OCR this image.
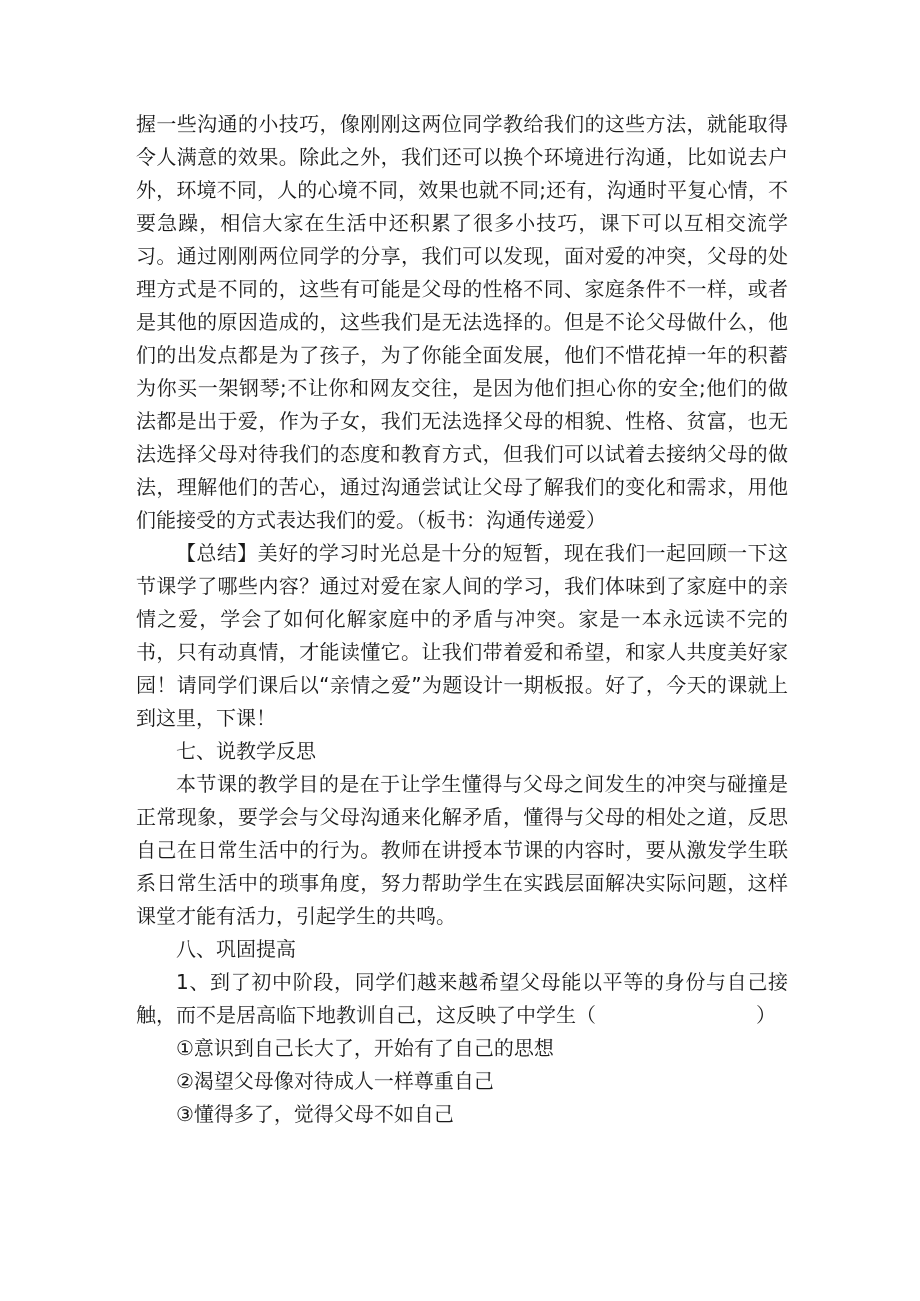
握一些沟通的小技巧，像刚刚这两位同学教给我们的这些方法，就能取得令人满意的效果。除此之外，我们还可以换个环境进行沟通，比如说去户外，环境不同，人的心境不同，效果也就不同;还有，沟通时平复心情，不要急躁，相信大家在生活中还积累了很多小技巧，课下可以互相交流学习。通过刚刚两位同学的分享，我们可以发现，面对爱的冲突，父母的处理方式是不同的，这些有可能是父母的性格不同、家庭条件不一样，或者是其他的原因造成的，这些我们是无法选择的。但是不论父母做什么，他们的出发点都是为了孩子，为了你能全面发展，他们不惜花掉一年的积蓄为你买一架钢琴;不让你和网友交往，是因为他们担心你的安全;他们的做法都是出于爱，作为子女，我们无法选择父母的相貌、性格、贫富，也无法选择父母对待我们的态度和教育方式，但我们可以试着去接纳父母的做法，理解他们的苦心，通过沟通尝试让父母了解我们的变化和需求，用他们能接受的方式表达我们的爱。（板书：沟通传递爱）

【总结】美好的学习时光总是十分的短暂，现在我们一起回顾一下这节课学了哪些内容？通过对爱在家人间的学习，我们体味到了家庭中的亲情之爱，学会了如何化解家庭中的矛盾与冲突。家是一本永远读不完的书，只有动真情，才能读懂它。让我们带着爱和希望，和家人共度美好家园！请同学们课后以“亲情之爱”为题设计一期板报。好了，今天的课就上到这里，下课！

七、说教学反思

本节课的教学目的是在于让学生懂得与父母之间发生的冲突与碰撞是正常现象，要学会与父母沟通来化解矛盾，懂得与父母的相处之道，反思自己在日常生活中的行为。教师在讲授本节课的内容时，要从激发学生联系日常生活中的琐事角度，努力帮助学生在实践层面解决实际问题，这样课堂才能有活力，引起学生的共鸣。

八、巩固提高

1、到了初中阶段，同学们越来越希望父母能以平等的身份与自己接触，而不是居高临下地教训自己，这反映了中学生（	）

①意识到自己长大了，开始有了自己的思想

②渴望父母像对待成人一样尊重自己

③懂得多了，觉得父母不如自己
